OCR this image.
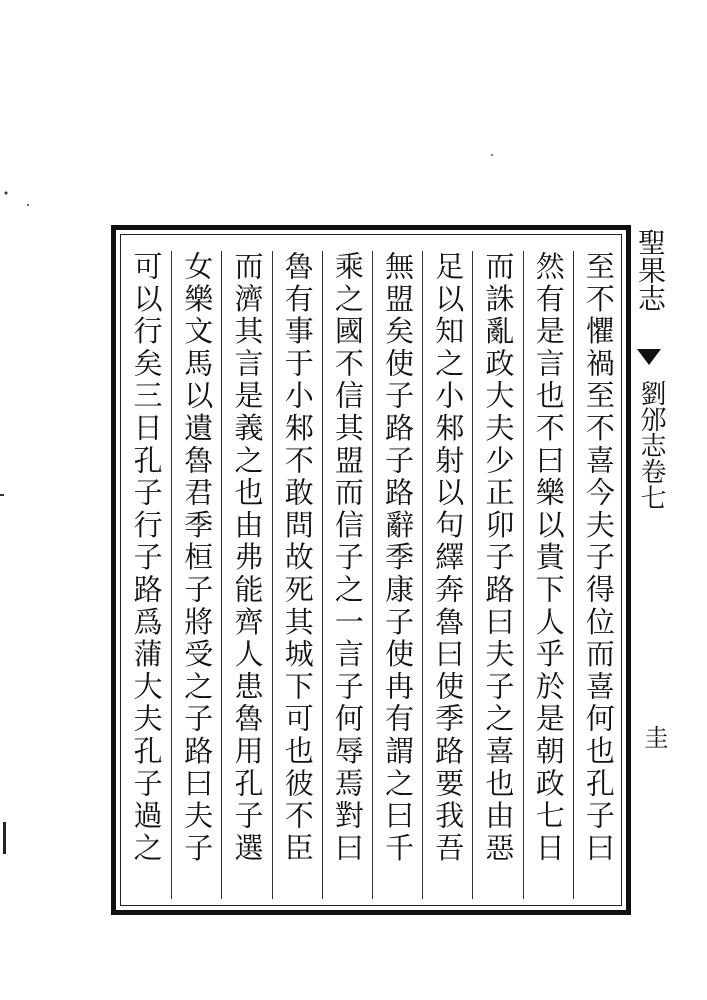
至不懼禍至不喜今夫子得位而喜何也孔子曰
然有是言也不曰樂以貴下人乎於是朝政七日
而誅亂政大夫少正卯子路曰夫子之喜也由惡
足以知之小邾射以句繹奔魯曰使季路要我吾
無盟矣使子路子路辭季康子使冉有謂之曰千
乘之國不信其盟而信子之一言子何辱焉對曰
魯有事于小邾不敢問故死其城下可也彼不臣
而濟其言是義之也由弗能齊人患魯用孔子選
女樂文馬以遺魯君季桓子將受之子路曰夫子
可以行矣三日孔子行子路爲蒲大夫孔子過之	聖果志
劉邠志卷七
圭
